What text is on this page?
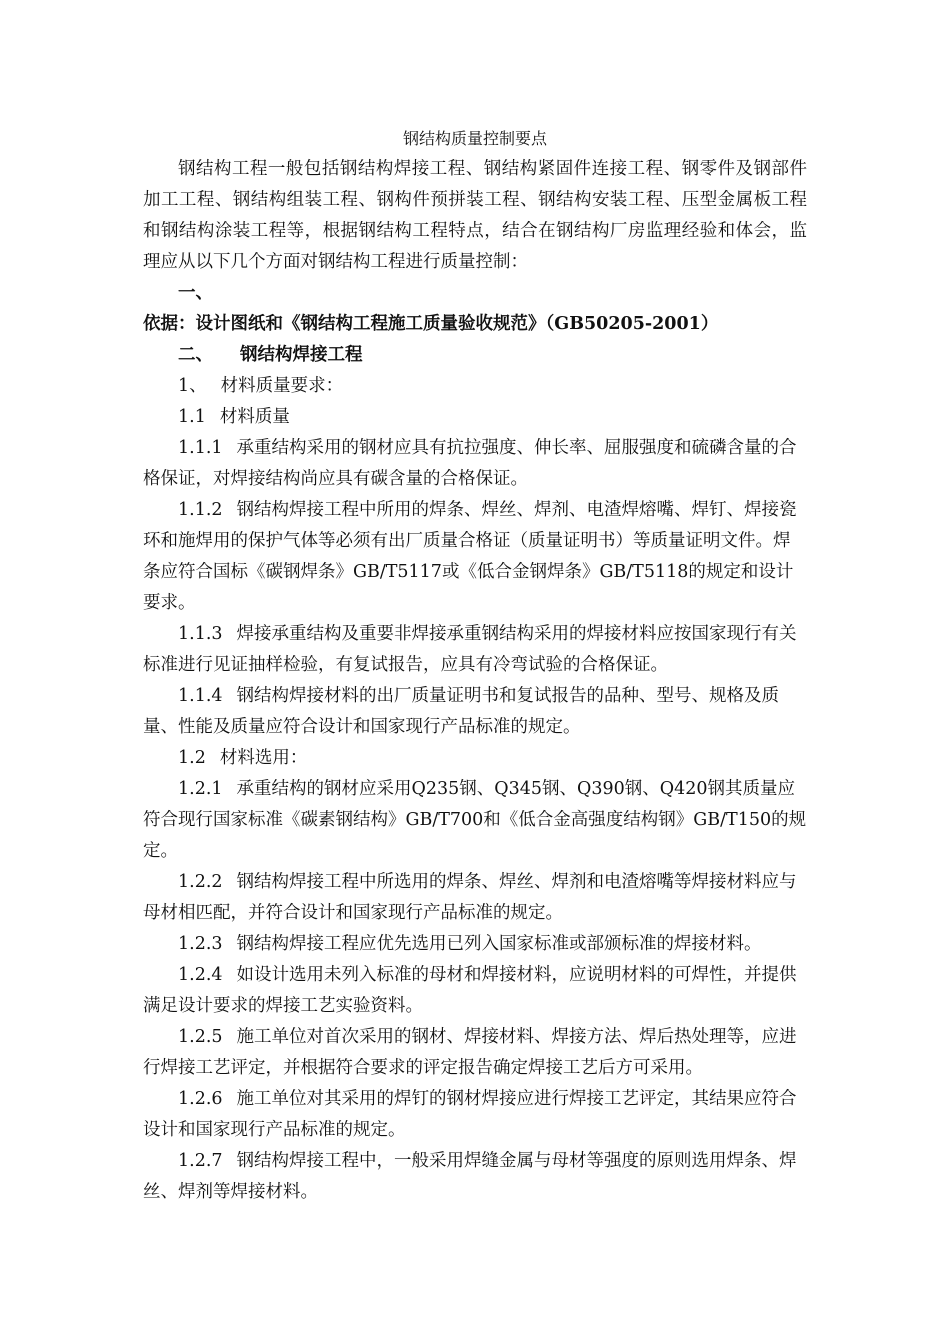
钢结构质量控制要点

钢结构工程一般包括钢结构焊接工程、钢结构紧固件连接工程、钢零件及钢部件加工工程、钢结构组装工程、钢构件预拼装工程、钢结构安装工程、压型金属板工程和钢结构涂装工程等，根据钢结构工程特点，结合在钢结构厂房监理经验和体会，监理应从以下几个方面对钢结构工程进行质量控制：

一、依据：设计图纸和《钢结构工程施工质量验收规范》（GB50205-2001）

二、 钢结构焊接工程

1、 材料质量要求：

1.1 材料质量

1.1.1 承重结构采用的钢材应具有抗拉强度、伸长率、屈服强度和硫磷含量的合格保证，对焊接结构尚应具有碳含量的合格保证。

1.1.2 钢结构焊接工程中所用的焊条、焊丝、焊剂、电渣焊熔嘴、焊钉、焊接瓷环和施焊用的保护气体等必须有出厂质量合格证（质量证明书）等质量证明文件。焊条应符合国标《碳钢焊条》GB/T5117或《低合金钢焊条》GB/T5118的规定和设计要求。

1.1.3 焊接承重结构及重要非焊接承重钢结构采用的焊接材料应按国家现行有关标准进行见证抽样检验，有复试报告，应具有冷弯试验的合格保证。

1.1.4 钢结构焊接材料的出厂质量证明书和复试报告的品种、型号、规格及质量、性能及质量应符合设计和国家现行产品标准的规定。

1.2 材料选用：

1.2.1 承重结构的钢材应采用Q235钢、Q345钢、Q390钢、Q420钢其质量应符合现行国家标准《碳素钢结构》GB/T700和《低合金高强度结构钢》GB/T150的规定。

1.2.2 钢结构焊接工程中所选用的焊条、焊丝、焊剂和电渣熔嘴等焊接材料应与母材相匹配，并符合设计和国家现行产品标准的规定。

1.2.3 钢结构焊接工程应优先选用已列入国家标准或部颁标准的焊接材料。

1.2.4 如设计选用未列入标准的母材和焊接材料，应说明材料的可焊性，并提供满足设计要求的焊接工艺实验资料。

1.2.5 施工单位对首次采用的钢材、焊接材料、焊接方法、焊后热处理等，应进行焊接工艺评定，并根据符合要求的评定报告确定焊接工艺后方可采用。

1.2.6 施工单位对其采用的焊钉的钢材焊接应进行焊接工艺评定，其结果应符合设计和国家现行产品标准的规定。

1.2.7 钢结构焊接工程中，一般采用焊缝金属与母材等强度的原则选用焊条、焊丝、焊剂等焊接材料。
